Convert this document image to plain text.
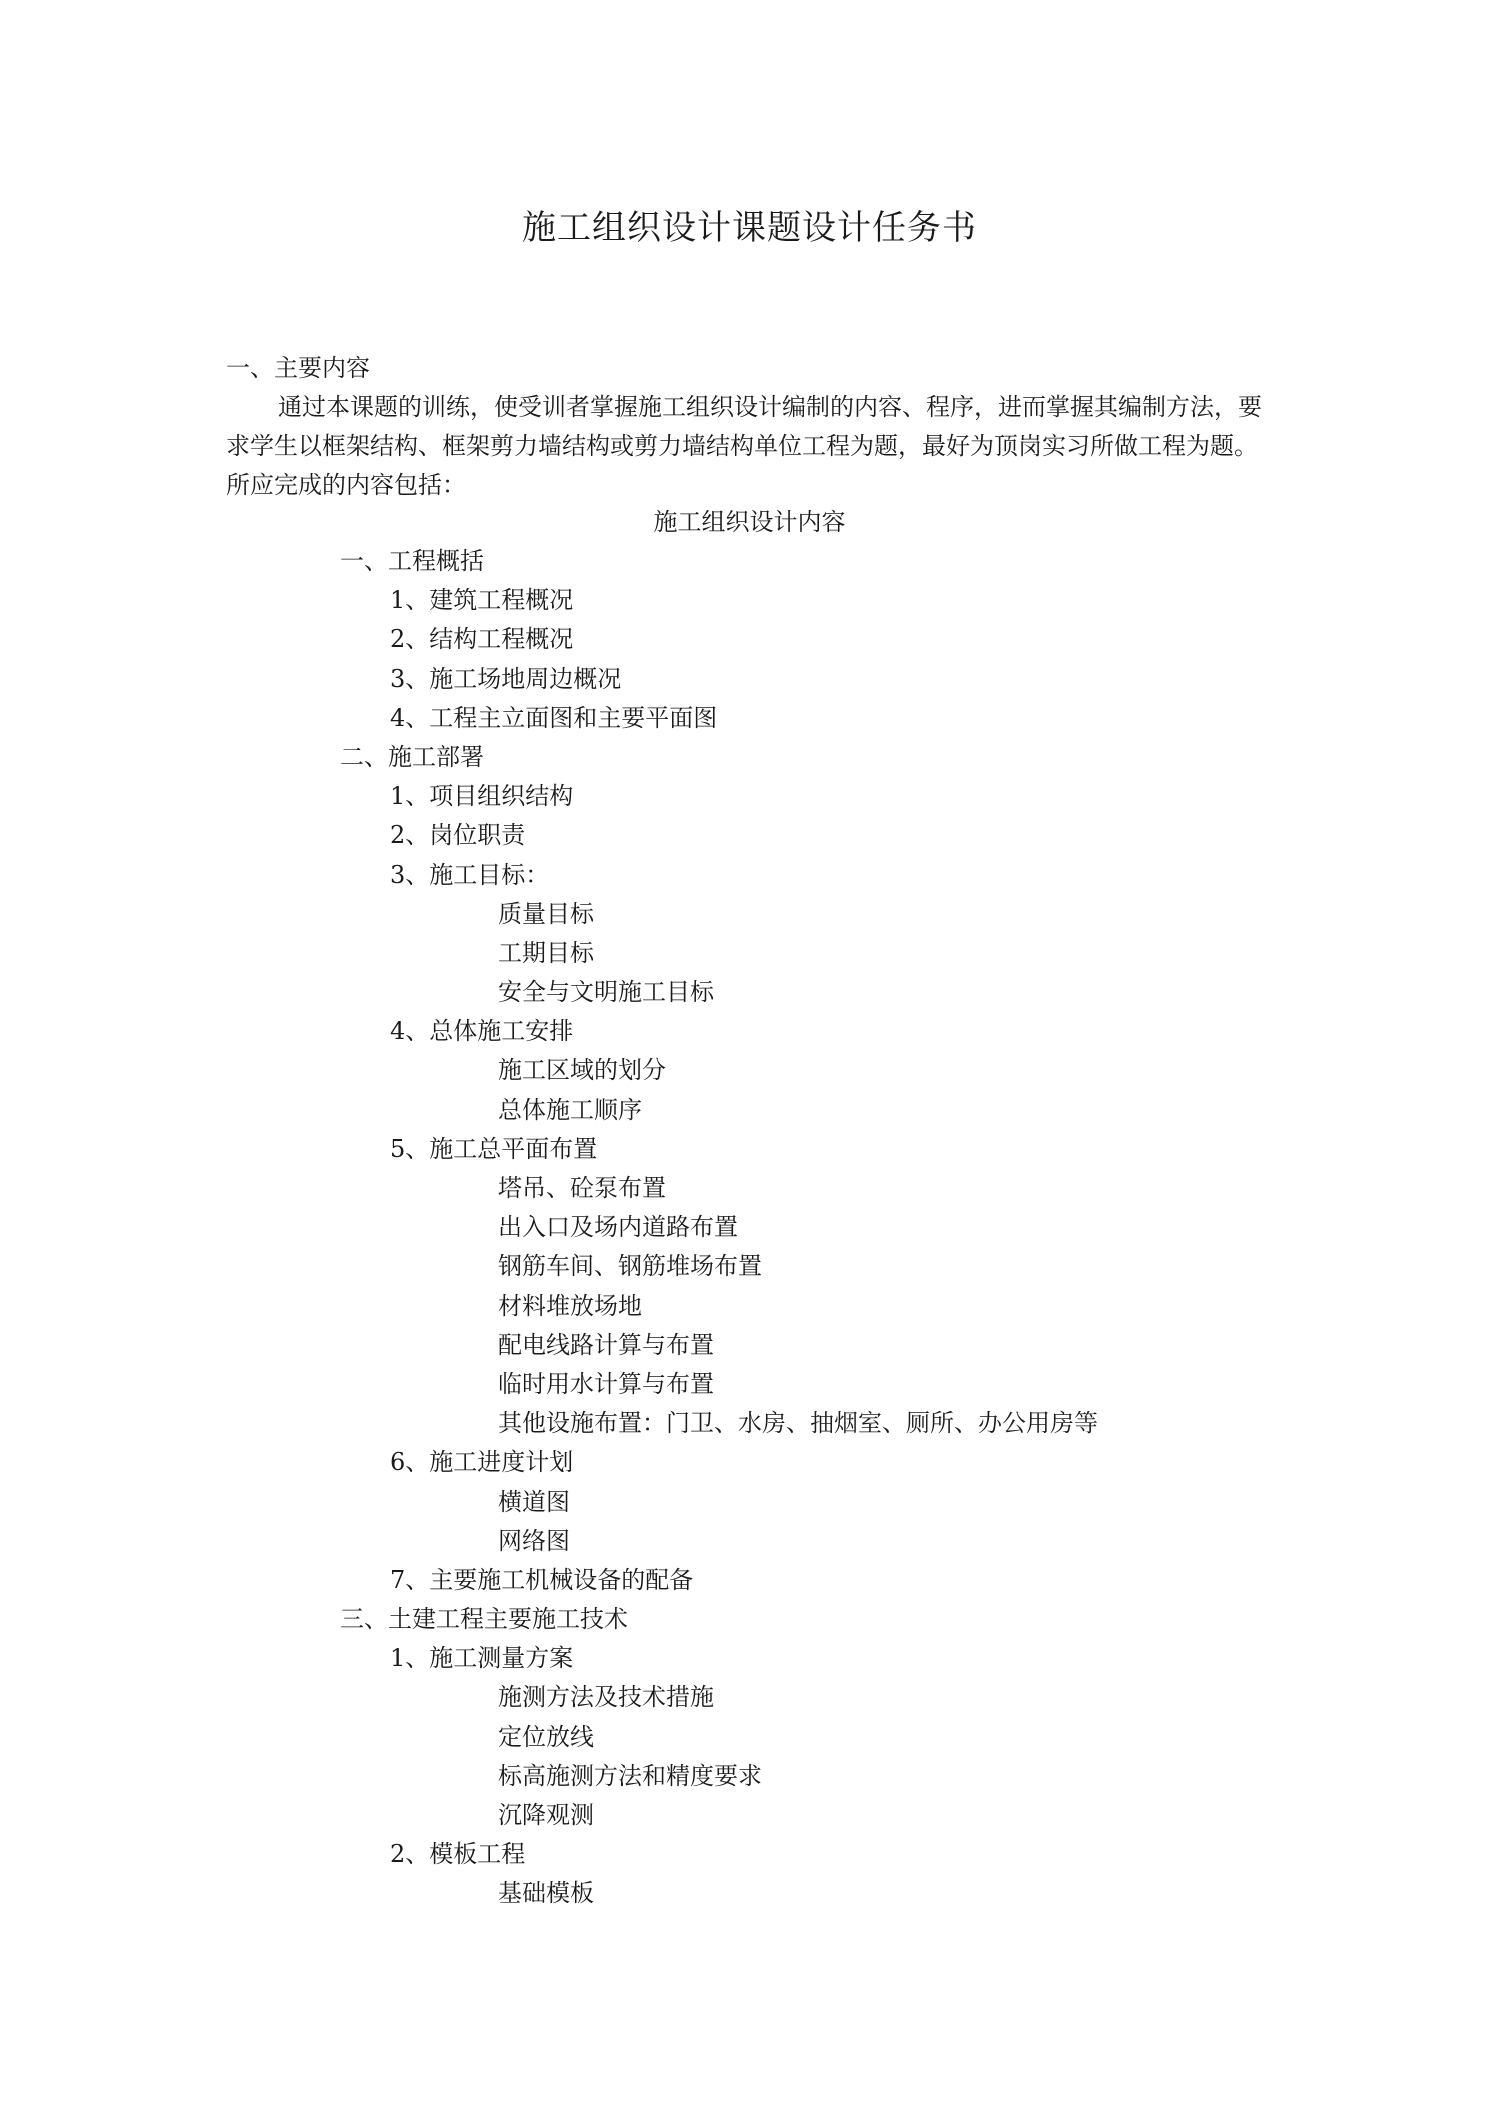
施工组织设计课题设计任务书
一、主要内容

通过本课题的训练，使受训者掌握施工组织设计编制的内容、程序，进而掌握其编制方法，要求学生以框架结构、框架剪力墙结构或剪力墙结构单位工程为题，最好为顶岗实习所做工程为题。所应完成的内容包括：

施工组织设计内容
一、工程概括
1、建筑工程概况
2、结构工程概况
3、施工场地周边概况
4、工程主立面图和主要平面图
二、施工部署
1、项目组织结构
2、岗位职责
3、施工目标：
质量目标
工期目标
安全与文明施工目标
4、总体施工安排
施工区域的划分
总体施工顺序
5、施工总平面布置
塔吊、砼泵布置
出入口及场内道路布置
钢筋车间、钢筋堆场布置
材料堆放场地
配电线路计算与布置
临时用水计算与布置
其他设施布置：门卫、水房、抽烟室、厕所、办公用房等
6、施工进度计划
横道图
网络图
7、主要施工机械设备的配备
三、土建工程主要施工技术
1、施工测量方案
施测方法及技术措施
定位放线
标高施测方法和精度要求
沉降观测
2、模板工程
基础模板
